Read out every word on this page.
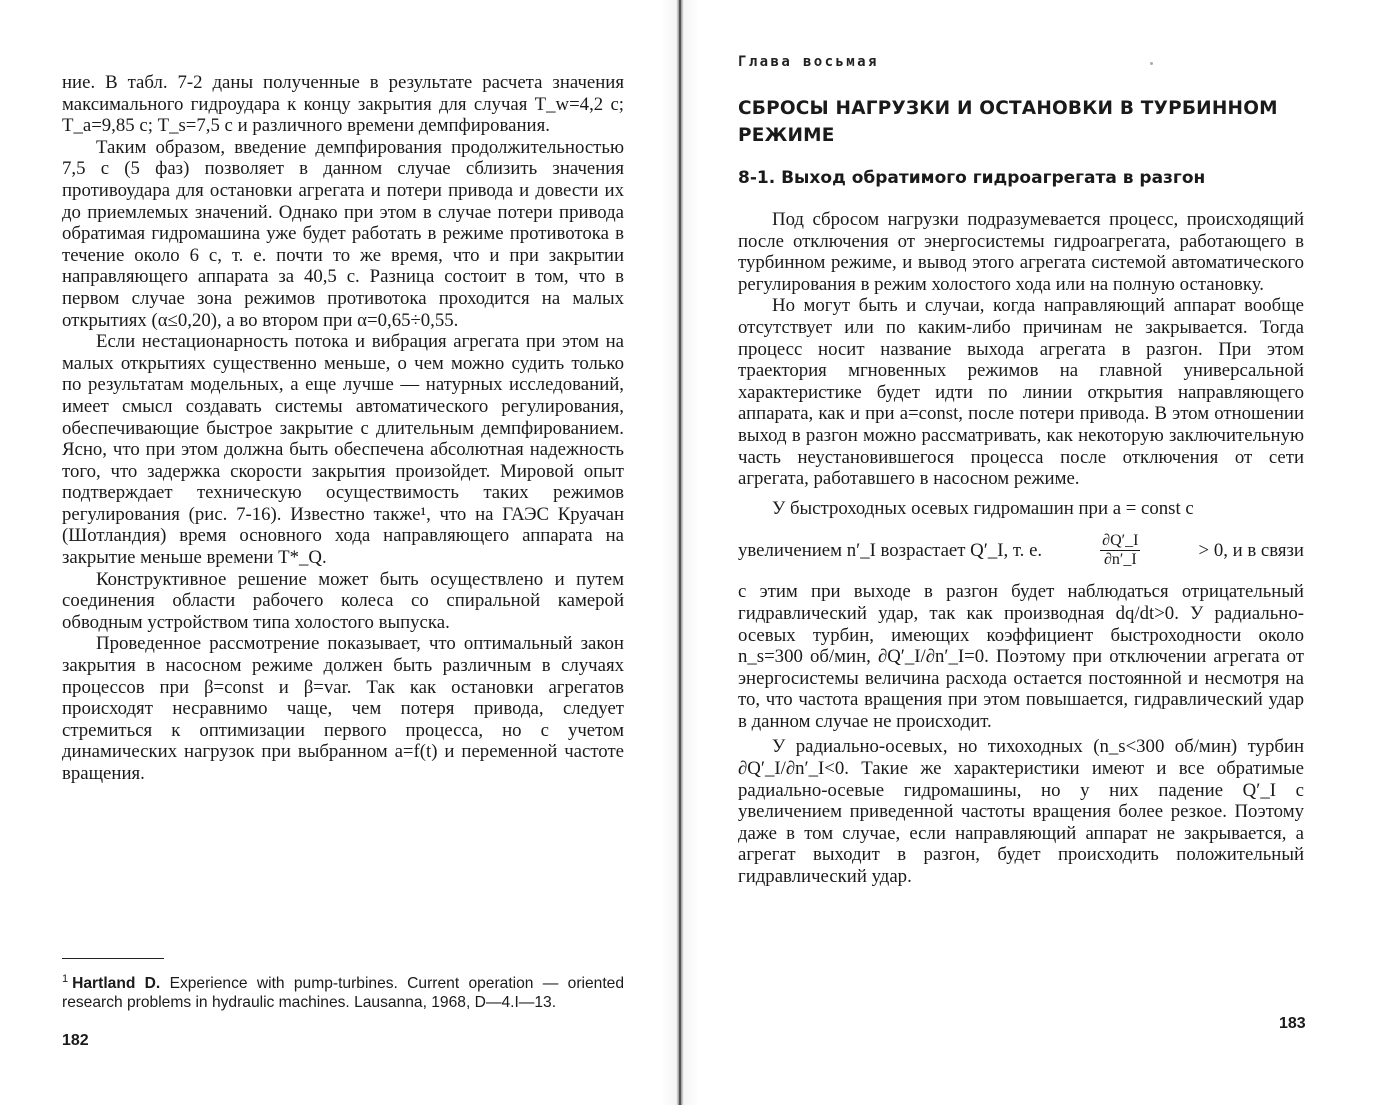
ние. В табл. 7-2 даны полученные в результате расчета значения максимального гидроудара к концу закрытия для случая T_w=4,2 с; T_a=9,85 с; T_s=7,5 с и различного времени демпфирования.

Таким образом, введение демпфирования продолжительностью 7,5 с (5 фаз) позволяет в данном случае сблизить значения противоудара для остановки агрегата и потери привода и довести их до приемлемых значений. Однако при этом в случае потери привода обратимая гидромашина уже будет работать в режиме противотока в течение около 6 с, т. е. почти то же время, что и при закрытии направляющего аппарата за 40,5 с. Разница состоит в том, что в первом случае зона режимов противотока проходится на малых открытиях (α≤0,20), а во втором при α=0,65÷0,55.

Если нестационарность потока и вибрация агрегата при этом на малых открытиях существенно меньше, о чем можно судить только по результатам модельных, а еще лучше — натурных исследований, имеет смысл создавать системы автоматического регулирования, обеспечивающие быстрое закрытие с длительным демпфированием. Ясно, что при этом должна быть обеспечена абсолютная надежность того, что задержка скорости закрытия произойдет. Мировой опыт подтверждает техническую осуществимость таких режимов регулирования (рис. 7-16). Известно также¹, что на ГАЭС Круачан (Шотландия) время основного хода направляющего аппарата на закрытие меньше времени T*_Q.

Конструктивное решение может быть осуществлено и путем соединения области рабочего колеса со спиральной камерой обводным устройством типа холостого выпуска.

Проведенное рассмотрение показывает, что оптимальный закон закрытия в насосном режиме должен быть различным в случаях процессов при β=const и β=var. Так как остановки агрегатов происходят несравнимо чаще, чем потеря привода, следует стремиться к оптимизации первого процесса, но с учетом динамических нагрузок при выбранном a=f(t) и переменной частоте вращения.

$^1$ Hartland D. Experience with pump-turbines. Current operation — oriented research problems in hydraulic machines. Lausanna, 1968, D—4.I—13.
182
Глава восьмая
СБРОСЫ НАГРУЗКИ И ОСТАНОВКИ В ТУРБИННОМ РЕЖИМЕ
8-1. Выход обратимого гидроагрегата в разгон

Под сбросом нагрузки подразумевается процесс, происходящий после отключения от энергосистемы гидроагрегата, работающего в турбинном режиме, и вывод этого агрегата системой автоматического регулирования в режим холостого хода или на полную остановку.

Но могут быть и случаи, когда направляющий аппарат вообще отсутствует или по каким-либо причинам не закрывается. Тогда процесс носит название выхода агрегата в разгон. При этом траектория мгновенных режимов на главной универсальной характеристике будет идти по линии открытия направляющего аппарата, как и при a=const, после потери привода. В этом отношении выход в разгон можно рассматривать, как некоторую заключительную часть неустановившегося процесса после отключения от сети агрегата, работавшего в насосном режиме.

У быстроходных осевых гидромашин при a = const с

увеличением n′_I возрастает Q′_I, т. е.	$\frac{\partial Q'\_I}{\partial n'\_I}$	> 0, и в связи

с этим при выходе в разгон будет наблюдаться отрицательный гидравлический удар, так как производная dq/dt>0. У радиально-осевых турбин, имеющих коэффициент быстроходности около n_s=300 об/мин, ∂Q′_I/∂n′_I=0. Поэтому при отключении агрегата от энергосистемы величина расхода остается постоянной и несмотря на то, что частота вращения при этом повышается, гидравлический удар в данном случае не происходит.

У радиально-осевых, но тихоходных (n_s<300 об/мин) турбин ∂Q′_I/∂n′_I<0. Такие же характеристики имеют и все обратимые радиально-осевые гидромашины, но у них падение Q′_I с увеличением приведенной частоты вращения более резкое. Поэтому даже в том случае, если направляющий аппарат не закрывается, а агрегат выходит в разгон, будет происходить положительный гидравлический удар.

183
